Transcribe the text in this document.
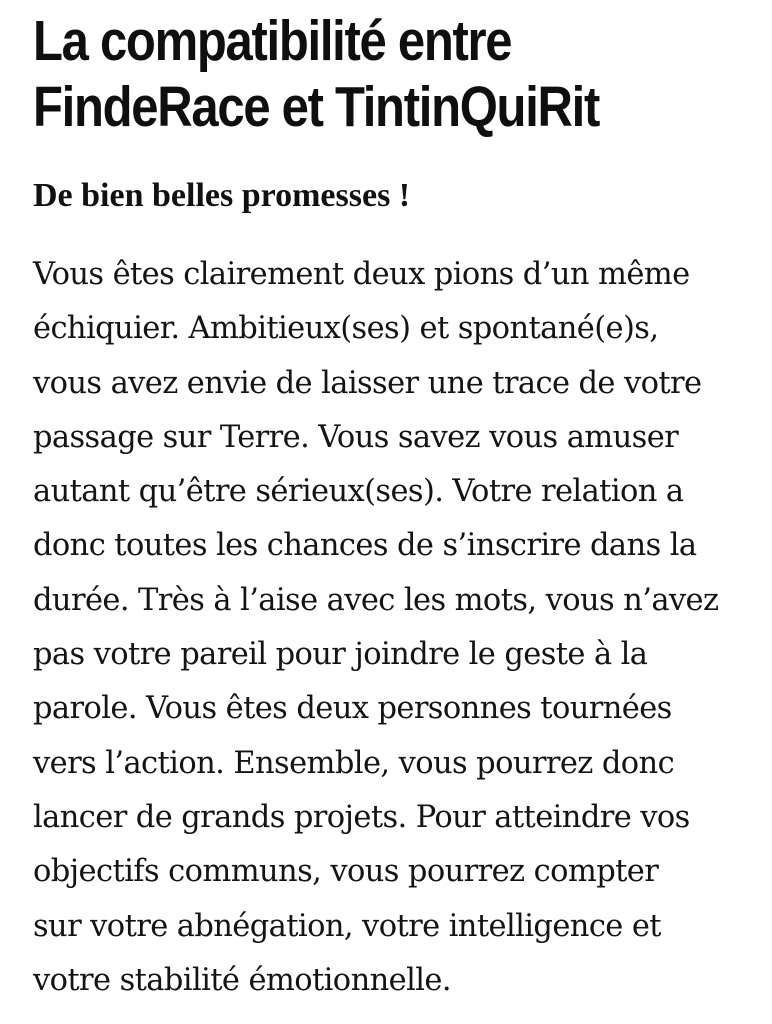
La compatibilité entre
FindeRace et TintinQuiRit
De bien belles promesses !

Vous êtes clairement deux pions d’un même
échiquier. Ambitieux(ses) et spontané(e)s,
vous avez envie de laisser une trace de votre
passage sur Terre. Vous savez vous amuser
autant qu’être sérieux(ses). Votre relation a
donc toutes les chances de s’inscrire dans la
durée. Très à l’aise avec les mots, vous n’avez
pas votre pareil pour joindre le geste à la
parole. Vous êtes deux personnes tournées
vers l’action. Ensemble, vous pourrez donc
lancer de grands projets. Pour atteindre vos
objectifs communs, vous pourrez compter
sur votre abnégation, votre intelligence et
votre stabilité émotionnelle.
